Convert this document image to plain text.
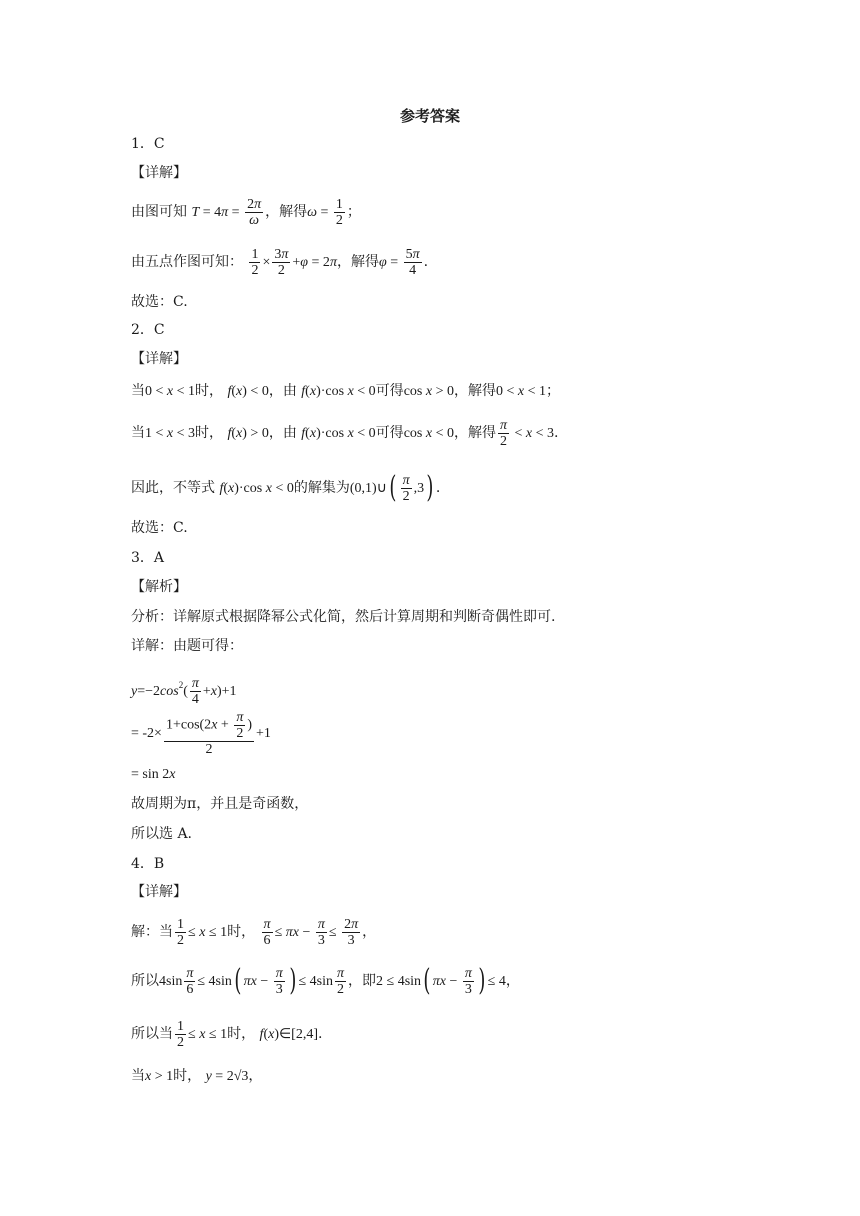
参考答案
1．C
【详解】
由图可知 $T = 4\pi = \frac{2\pi}{\omega}$ ，解得$\omega = \frac{1}{2}$ ；
由五点作图可知： $\frac{1}{2} \times \frac{3\pi}{2} +\varphi = 2\pi$，解得$\varphi = \frac{5\pi}{4}$ .
故选：C.
2．C
【详解】
当0 < x < 1时， f(x) < 0，由 f(x)·cos x < 0可得cos x > 0，解得0 < x < 1；
当1 < x < 3时， f(x) > 0，由 f(x)·cos x < 0可得cos x < 0，解得 $\frac{\pi}{2} < x < 3$.
因此，不等式 f(x)·cos x < 0的解集为(0,1)∪( $\frac{\pi}{2} ,3$) .
故选：C.
3．A
【解析】
分析：详解原式根据降幂公式化简，然后计算周期和判断奇偶性即可.
详解：由题可得：
$y=-2\cos^2( \frac{\pi}{4} +x)+1$
= $-2\times \frac{1+\cos(2x + \frac{\pi}{2} )}{2} +1$
= sin 2x
故周期为π，并且是奇函数，
所以选 A.
4．B
【详解】
解：当 $\frac{1}{2} \le x \le 1$时， $\frac{\pi}{6} \le \pi x - \frac{\pi}{3} \le \frac{2\pi}{3}$ ，
所以$4\sin \frac{\pi}{6} \le 4\sin$( $\pi x - \frac{\pi}{3}$ ) ≤ $4\sin \frac{\pi}{2}$ ，即2 ≤ 4sin( $\pi x - \frac{\pi}{3}$ ) ≤ 4，
所以当 $\frac{1}{2} \le x \le 1$时， f(x)∈[2,4].
当x > 1时， y = 2√3，
